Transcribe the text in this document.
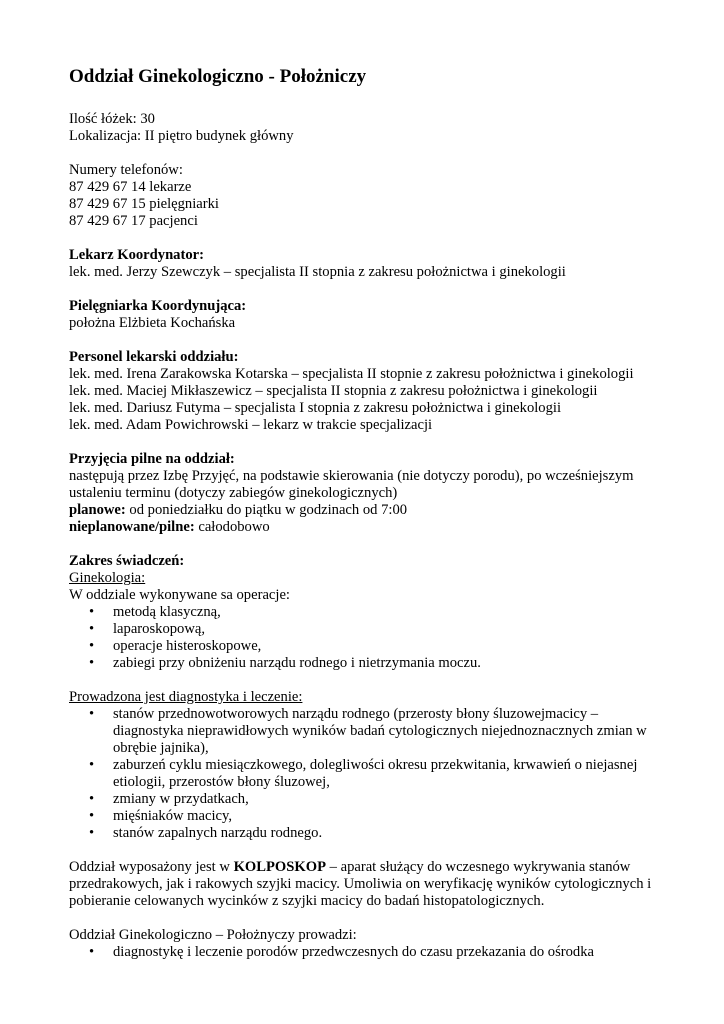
Oddział Ginekologiczno - Położniczy
Ilość łóżek: 30
Lokalizacja: II piętro budynek główny
Numery telefonów:
87 429 67 14 lekarze
87 429 67 15 pielęgniarki
87 429 67 17 pacjenci
Lekarz Koordynator:
lek. med. Jerzy Szewczyk – specjalista II stopnia z zakresu położnictwa i ginekologii
Pielęgniarka Koordynująca:
położna Elżbieta Kochańska
Personel lekarski oddziału:
lek. med. Irena Zarakowska Kotarska – specjalista II stopnie z zakresu położnictwa i ginekologii
lek. med. Maciej Mikłaszewicz – specjalista II stopnia z zakresu położnictwa i ginekologii
lek. med. Dariusz Futyma – specjalista I stopnia z zakresu położnictwa i ginekologii
lek. med. Adam Powichrowski – lekarz w trakcie specjalizacji
Przyjęcia pilne na oddział:
następują przez Izbę Przyjęć, na podstawie skierowania (nie dotyczy porodu), po wcześniejszym
ustaleniu terminu (dotyczy zabiegów ginekologicznych)
planowe: od poniedziałku do piątku w godzinach od 7:00
nieplanowane/pilne: całodobowo
Zakres świadczeń:
Ginekologia:
W oddziale wykonywane sa operacje:
• metodą klasyczną,
• laparoskopową,
• operacje histeroskopowe,
• zabiegi przy obniżeniu narządu rodnego i nietrzymania moczu.
Prowadzona jest diagnostyka i leczenie:
• stanów przednowotworowych narządu rodnego (przerosty błony śluzowejmacicy –
diagnostyka nieprawidłowych wyników badań cytologicznych niejednoznacznych zmian w
obrębie jajnika),
• zaburzeń cyklu miesiączkowego, dolegliwości okresu przekwitania, krwawień o niejasnej
etiologii, przerostów błony śluzowej,
• zmiany w przydatkach,
• mięśniaków macicy,
• stanów zapalnych narządu rodnego.
Oddział wyposażony jest w KOLPOSKOP – aparat służący do wczesnego wykrywania stanów
przedrakowych, jak i rakowych szyjki macicy. Umoliwia on weryfikację wyników cytologicznych i
pobieranie celowanych wycinków z szyjki macicy do badań histopatologicznych.
Oddział Ginekologiczno – Położnyczy prowadzi:
• diagnostykę i leczenie porodów przedwczesnych do czasu przekazania do ośrodka
